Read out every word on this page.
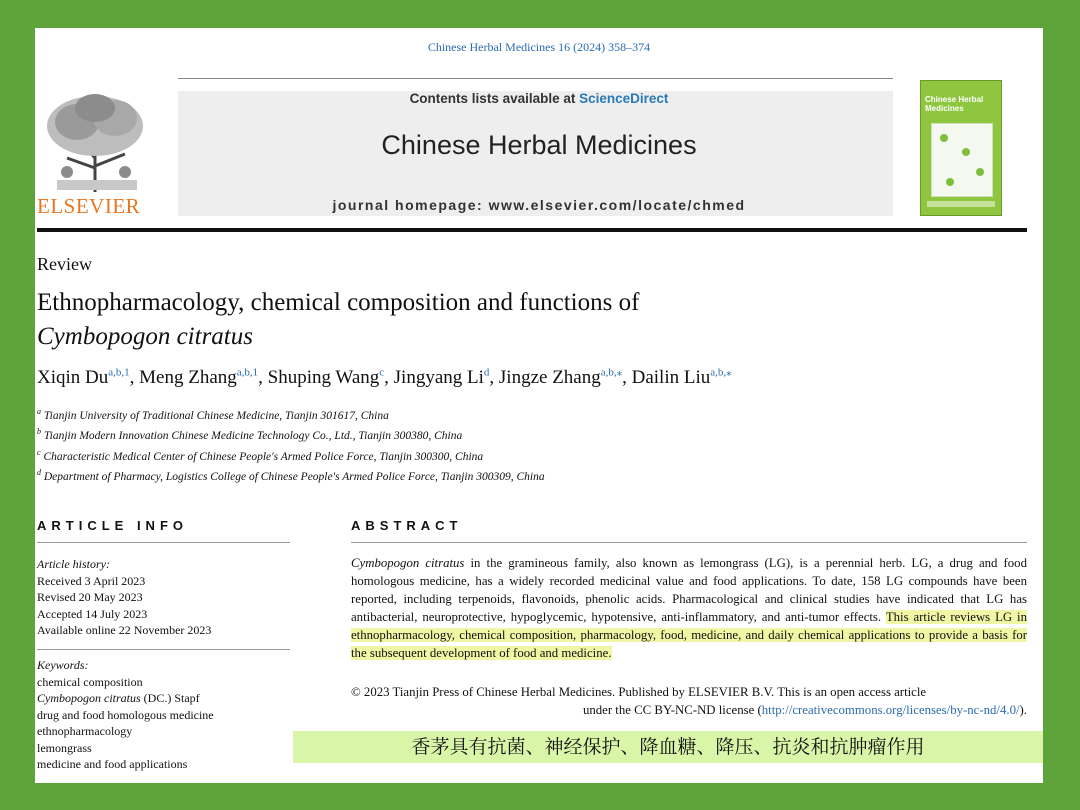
Chinese Herbal Medicines 16 (2024) 358–374
ELSEVIER
Contents lists available at ScienceDirect
Chinese Herbal Medicines
journal homepage: www.elsevier.com/locate/chmed
Chinese Herbal Medicines
Review
Ethnopharmacology, chemical composition and functions of
Cymbopogon citratus
Xiqin Du$^{a,b,1}$, Meng Zhang$^{a,b,1}$, Shuping Wang$^c$, Jingyang Li$^d$, Jingze Zhang$^{a,b,⁎}$, Dailin Liu$^{a,b,⁎}$
$^a$ Tianjin University of Traditional Chinese Medicine, Tianjin 301617, China
$^b$ Tianjin Modern Innovation Chinese Medicine Technology Co., Ltd., Tianjin 300380, China
$^c$ Characteristic Medical Center of Chinese People's Armed Police Force, Tianjin 300300, China
$^d$ Department of Pharmacy, Logistics College of Chinese People's Armed Police Force, Tianjin 300309, China
ARTICLE INFO	ABSTRACT
Article history:
Received 3 April 2023
Revised 20 May 2023
Accepted 14 July 2023
Available online 22 November 2023
Keywords:
chemical composition
Cymbopogon citratus (DC.) Stapf
drug and food homologous medicine
ethnopharmacology
lemongrass
medicine and food applications
Cymbopogon citratus in the gramineous family, also known as lemongrass (LG), is a perennial herb. LG, a drug and food homologous medicine, has a widely recorded medicinal value and food applications. To date, 158 LG compounds have been reported, including terpenoids, flavonoids, phenolic acids. Pharmacological and clinical studies have indicated that LG has antibacterial, neuroprotective, hypoglycemic, hypotensive, anti-inflammatory, and anti-tumor effects. This article reviews LG in ethnopharmacology, chemical composition, pharmacology, food, medicine, and daily chemical applications to provide a basis for the subsequent development of food and medicine.
© 2023 Tianjin Press of Chinese Herbal Medicines. Published by ELSEVIER B.V. This is an open access article
under the CC BY-NC-ND license (http://creativecommons.org/licenses/by-nc-nd/4.0/).
香茅具有抗菌、神经保护、降血糖、降压、抗炎和抗肿瘤作用
